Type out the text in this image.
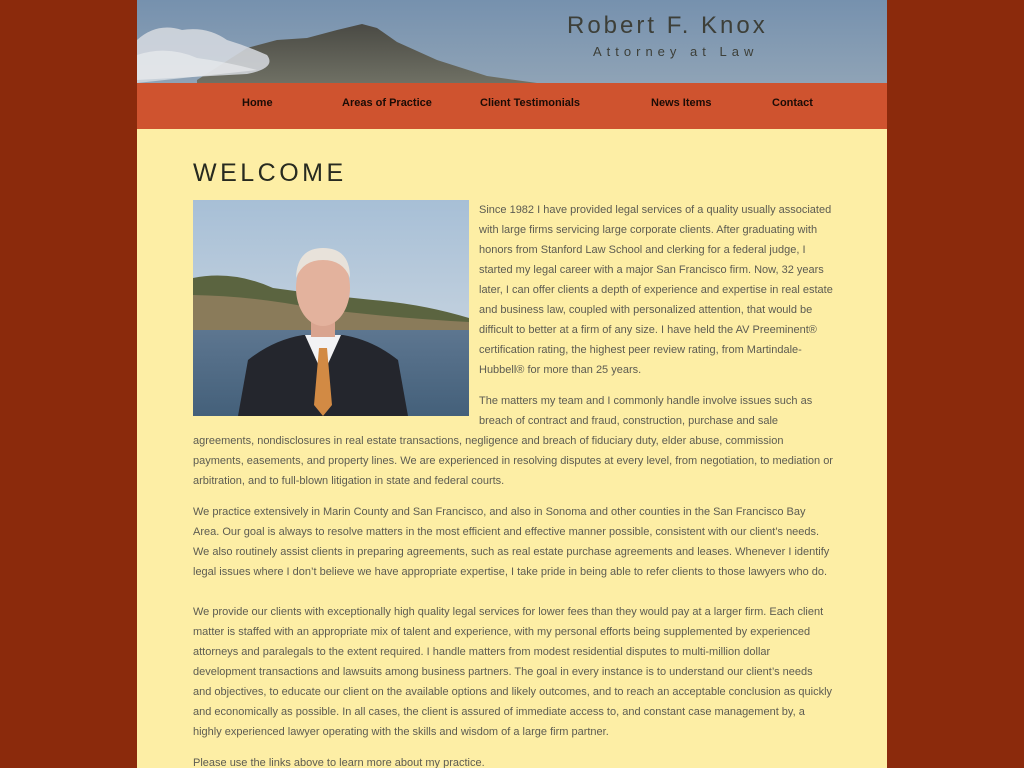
Robert F. Knox
Attorney at Law
Home	Areas of Practice	Client Testimonials	News Items	Contact
WELCOME

Since 1982 I have provided legal services of a quality usually associated with large firms servicing large corporate clients. After graduating with honors from Stanford Law School and clerking for a federal judge, I started my legal career with a major San Francisco firm. Now, 32 years later, I can offer clients a depth of experience and expertise in real estate and business law, coupled with personalized attention, that would be difficult to better at a firm of any size. I have held the AV Preeminent® certification rating, the highest peer review rating, from Martindale-Hubbell® for more than 25 years.

The matters my team and I commonly handle involve issues such as breach of contract and fraud, construction, purchase and sale agreements, nondisclosures in real estate transactions, negligence and breach of fiduciary duty, elder abuse, commission payments, easements, and property lines. We are experienced in resolving disputes at every level, from negotiation, to mediation or arbitration, and to full-blown litigation in state and federal courts.

We practice extensively in Marin County and San Francisco, and also in Sonoma and other counties in the San Francisco Bay Area. Our goal is always to resolve matters in the most efficient and effective manner possible, consistent with our client’s needs. We also routinely assist clients in preparing agreements, such as real estate purchase agreements and leases. Whenever I identify legal issues where I don’t believe we have appropriate expertise, I take pride in being able to refer clients to those lawyers who do.

We provide our clients with exceptionally high quality legal services for lower fees than they would pay at a larger firm. Each client matter is staffed with an appropriate mix of talent and experience, with my personal efforts being supplemented by experienced attorneys and paralegals to the extent required. I handle matters from modest residential disputes to multi-million dollar development transactions and lawsuits among business partners. The goal in every instance is to understand our client’s needs and objectives, to educate our client on the available options and likely outcomes, and to reach an acceptable conclusion as quickly and economically as possible. In all cases, the client is assured of immediate access to, and constant case management by, a highly experienced lawyer operating with the skills and wisdom of a large firm partner.

Please use the links above to learn more about my practice.
